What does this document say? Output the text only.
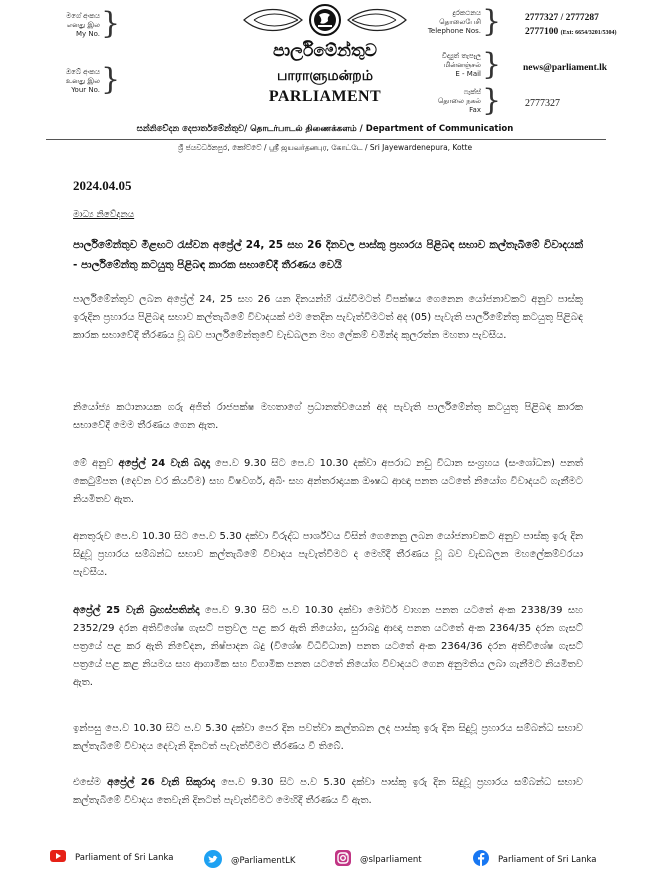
මගේ අංකය
எனது இல
My No. }
ඔබේ අංකය
உனது இல
Your No. }
පාර්ලිමේන්තුව
பாராளுமன்றம்
PARLIAMENT
දුරකථනය
தொலைபேசி
Telephone Nos. }	2777327 / 2777287
2777100 (Ext: 6654/3201/5304)
විද්‍යුත් තැපෑල
மின்னஞ்சல்
E - Mail } news@parliament.lk
ෆැක්ස්
தொலை நகல்
Fax } 2777327
සන්නිවේදන දෙපාර්තමේන්තුව/ தொடர்பாடல் திணைக்களம் / Department of Communication
ශ්‍රී ජයවර්ධනපුර, කෝට්ටේ / ஸ்ரீ ஜயவர்தனபுர, கோட்டே / Sri Jayewardenepura, Kotte
2024.04.05
මාධ්‍ය නිවේදනය
පාර්ලිමේන්තුව මීළඟට රැස්වන අප්‍රේල් 24, 25 සහ 26 දිනවල පාස්කු ප්‍රහාරය පිළිබඳ සභාව කල්තැබීමේ විවාදයක් - පාර්ලිමේන්තු කටයුතු පිළිබඳ කාරක සභාවේදී තීරණය වෙයි
පාර්ලිමේන්තුව ලබන අප්‍රේල් 24, 25 සහ 26 යන දිනයන්හි රැස්වීමටත් විපක්ෂය ගෙනෙන යෝජනාවකට අනුව පාස්කු ඉරුදින ප්‍රහාරය පිළිබඳ සභාව කල්තැබීමේ විවාදයක් එම තෙදින පැවැත්වීමටත් අද (05) පැවැති පාර්ලිමේන්තු කටයුතු පිළිබඳ කාරක සභාවේදී තීරණය වූ බව පාර්ලිමේන්තුවේ වැඩබලන මහ ලේකම් චමින්ද කුලරත්න මහතා පැවසීය.
නියෝජ්‍ය කථානායක ගරු අජිත් රාජපක්ෂ මහතාගේ ප්‍රධානත්වයෙන් අද පැවැති පාර්ලිමේන්තු කටයුතු පිළිබඳ කාරක සභාවේදී මෙම තීරණය ගෙන ඇත.
මේ අනුව අප්‍රේල් 24 වැනි බදාදා පෙ.ව 9.30 සිට පෙ.ව 10.30 දක්වා අපරාධ නඩු විධාන සංග්‍රහය (සංශෝධන) පනත් කෙටුම්පත (දෙවන වර කියවීම) සහ විෂවර්ග, අබිං සහ අන්තරාදායක ඖෂධ ආඥා පනත යටතේ නියෝග විවාදයට ගැනීමට නියමිතව ඇත.
අනතුරුව පෙ.ව 10.30 සිට පෙ.ව 5.30 දක්වා විරුද්ධ පාර්ශ්වය විසින් ගෙනෙනු ලබන යෝජනාවකට අනුව පාස්කු ඉරු දින සිදුවූ ප්‍රහාරය සම්බන්ධ සභාව කල්තැබීමේ විවාදය පැවැත්වීමට ද මෙහිදී තීරණය වූ බව වැඩබලන මහලේකම්වරයා පැවසීය.
අප්‍රේල් 25 වැනි බ්‍රහස්පතින්දා පෙ.ව 9.30 සිට ප.ව 10.30 දක්වා මෝටර් වාහන පනත යටතේ අංක 2338/39 සහ 2352/29 දරන අතිවිශේෂ ගැසට් පත්‍රවල පළ කර ඇති නියෝග, සුරාබදු ආඥා පනත යටතේ අංක 2364/35 දරන ගැසට් පත්‍රයේ පළ කර ඇති නිවේදන, නිෂ්පාදන බදු (විශේෂ විධිවිධාන) පනත යටතේ අංක 2364/36 දරන අතිවිශේෂ ගැසට් පත්‍රයේ පළ කළ නියමය සහ ආගාමික සහ විගාමික පනත යටතේ නියෝග විවාදයට ගෙන අනුමතිය ලබා ගැනීමට නියමිතව ඇත.
ඉන්පසු පෙ.ව 10.30 සිට ප.ව 5.30 දක්වා පෙර දින පවත්වා කල්තබන ලද පාස්කු ඉරු දින සිදුවූ ප්‍රහාරය සම්බන්ධ සභාව කල්තැබීමේ විවාදය දෙවැනි දිනටත් පැවැත්වීමට තීරණය වී තිබේ.
එසේම අප්‍රේල් 26 වැනි සිකුරාදා පෙ.ව 9.30 සිට ප.ව 5.30 දක්වා පාස්කු ඉරු දින සිදුවූ ප්‍රහාරය සම්බන්ධ සභාව කල්තැබීමේ විවාදය තෙවැනි දිනටත් පැවැත්වීමට මෙහිදී තීරණය වී ඇත.
Parliament of Sri Lanka	@ParliamentLK	@slparliament	Parliament of Sri Lanka
